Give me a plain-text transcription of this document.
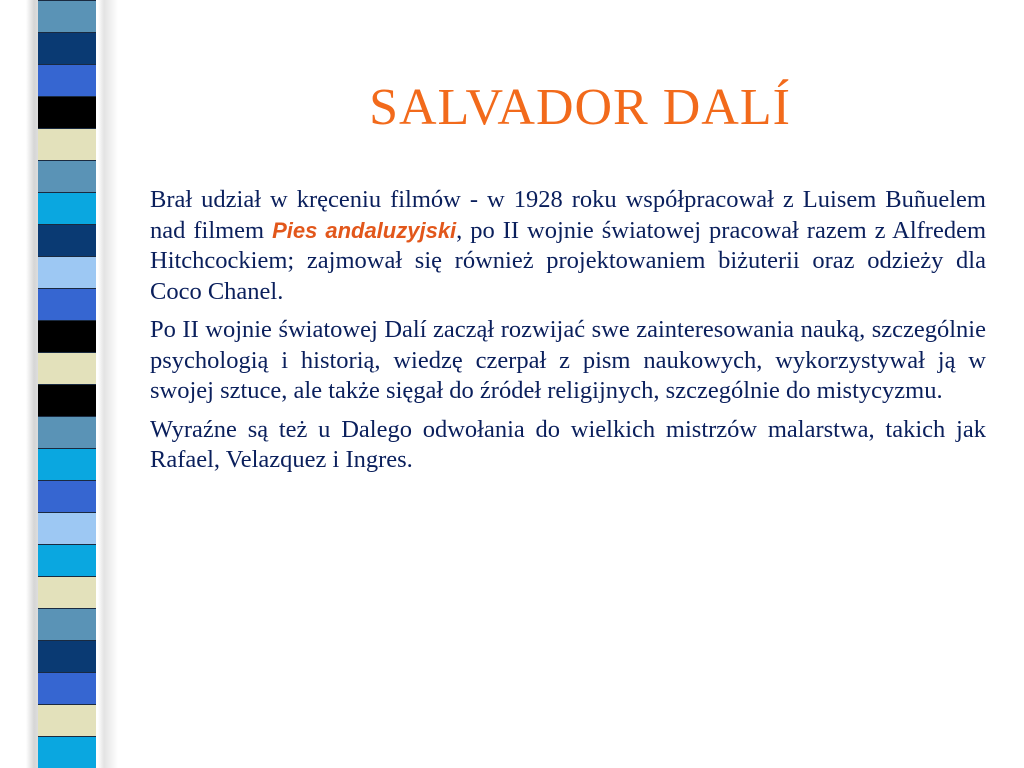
SALVADOR DALÍ

Brał udział w kręceniu filmów - w 1928 roku współpracował z Luisem Buñuelem nad filmem Pies andaluzyjski, po II wojnie światowej pracował razem z Alfredem Hitchcockiem; zajmował się również projektowaniem biżuterii oraz odzieży dla Coco Chanel.

Po II wojnie światowej Dalí zaczął rozwijać swe zainteresowania nauką, szczególnie psychologią i historią, wiedzę czerpał z pism naukowych, wykorzystywał ją w swojej sztuce, ale także sięgał do źródeł religijnych, szczególnie do mistycyzmu.

Wyraźne są też u Dalego odwołania do wielkich mistrzów malarstwa, takich jak Rafael, Velazquez i Ingres.
